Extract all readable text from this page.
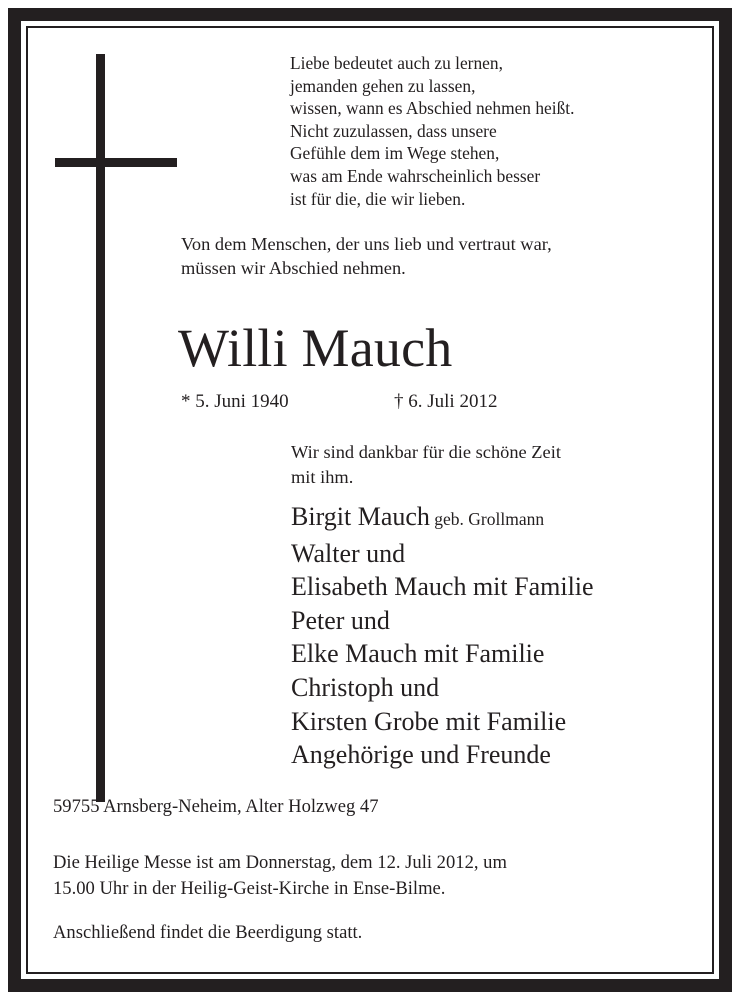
Liebe bedeutet auch zu lernen,
jemanden gehen zu lassen,
wissen, wann es Abschied nehmen heißt.
Nicht zuzulassen, dass unsere
Gefühle dem im Wege stehen,
was am Ende wahrscheinlich besser
ist für die, die wir lieben.
Von dem Menschen, der uns lieb und vertraut war,
müssen wir Abschied nehmen.
Willi Mauch
* 5. Juni 1940	† 6. Juli 2012
Wir sind dankbar für die schöne Zeit
mit ihm.
Birgit Mauch geb. Grollmann
Walter und
Elisabeth Mauch mit Familie
Peter und
Elke Mauch mit Familie
Christoph und
Kirsten Grobe mit Familie
Angehörige und Freunde
59755 Arnsberg-Neheim, Alter Holzweg 47
Die Heilige Messe ist am Donnerstag, dem 12. Juli 2012, um
15.00 Uhr in der Heilig-Geist-Kirche in Ense-Bilme.
Anschließend findet die Beerdigung statt.
